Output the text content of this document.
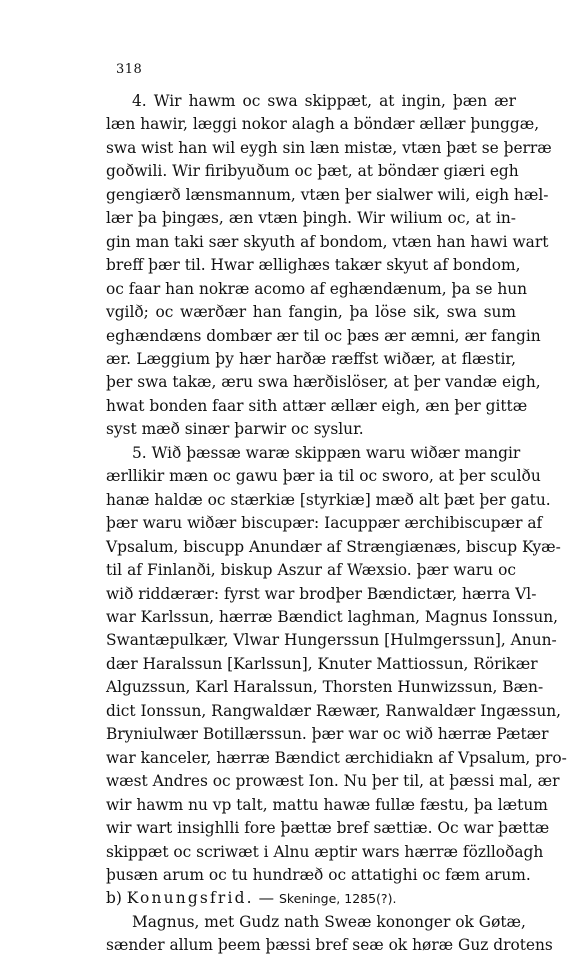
318
4. Wir hawm oc swa skippæt, at ingin, þæn ær
læn hawir, læggi nokor alagh a böndær ællær þunggæ,
swa wist han wil eygh sin læn mistæ, vtæn þæt se þerræ
goðwili. Wir firibyuðum oc þæt, at böndær giæri egh
gengiærð lænsmannum, vtæn þer sialwer wili, eigh hæl-
lær þa þingæs, æn vtæn þingh. Wir wilium oc, at in-
gin man taki sær skyuth af bondom, vtæn han hawi wart
breff þær til. Hwar ællighæs takær skyut af bondom,
oc faar han nokræ acomo af eghændænum, þa se hun
vgilð; oc wærðær han fangin, þa löse sik, swa sum
eghændæns dombær ær til oc þæs ær æmni, ær fangin
ær. Læggium þy hær harðæ ræffst wiðær, at flæstir,
þer swa takæ, æru swa hærðislöser, at þer vandæ eigh,
hwat bonden faar sith attær ællær eigh, æn þer gittæ
syst mæð sinær þarwir oc syslur.
5. Wið þæssæ waræ skippæn waru wiðær mangir
ærllikir mæn oc gawu þær ia til oc sworo, at þer sculðu
hanæ haldæ oc stærkiæ [styrkiæ] mæð alt þæt þer gatu.
þær waru wiðær biscupær: Iacuppær ærchibiscupær af
Vpsalum, biscupp Anundær af Strængiænæs, biscup Kyæ-
til af Finlanði, biskup Aszur af Wæxsio. þær waru oc
wið riddærær: fyrst war brodþer Bændictær, hærra Vl-
war Karlssun, hærræ Bændict laghman, Magnus Ionssun,
Swantæpulkær, Vlwar Hungerssun [Hulmgerssun], Anun-
dær Haralssun [Karlssun], Knuter Mattiossun, Rörikær
Alguzssun, Karl Haralssun, Thorsten Hunwizssun, Bæn-
dict Ionssun, Rangwaldær Ræwær, Ranwaldær Ingæssun,
Bryniulwær Botillærssun. þær war oc wið hærræ Pætær
war kanceler, hærræ Bændict ærchidiakn af Vpsalum, pro-
wæst Andres oc prowæst Ion. Nu þer til, at þæssi mal, ær
wir hawm nu vp talt, mattu hawæ fullæ fæstu, þa lætum
wir wart insighlli fore þættæ bref sættiæ. Oc war þættæ
skippæt oc scriwæt i Alnu æptir wars hærræ fözlloðagh
þusæn arum oc tu hundræð oc attatighi oc fæm arum.
b) Konungsfrid. — Skeninge, 1285(?).
Magnus, met Gudz nath Sweæ kononger ok Gøtæ,
sænder allum þeem þæssi bref seæ ok høræ Guz drotens
